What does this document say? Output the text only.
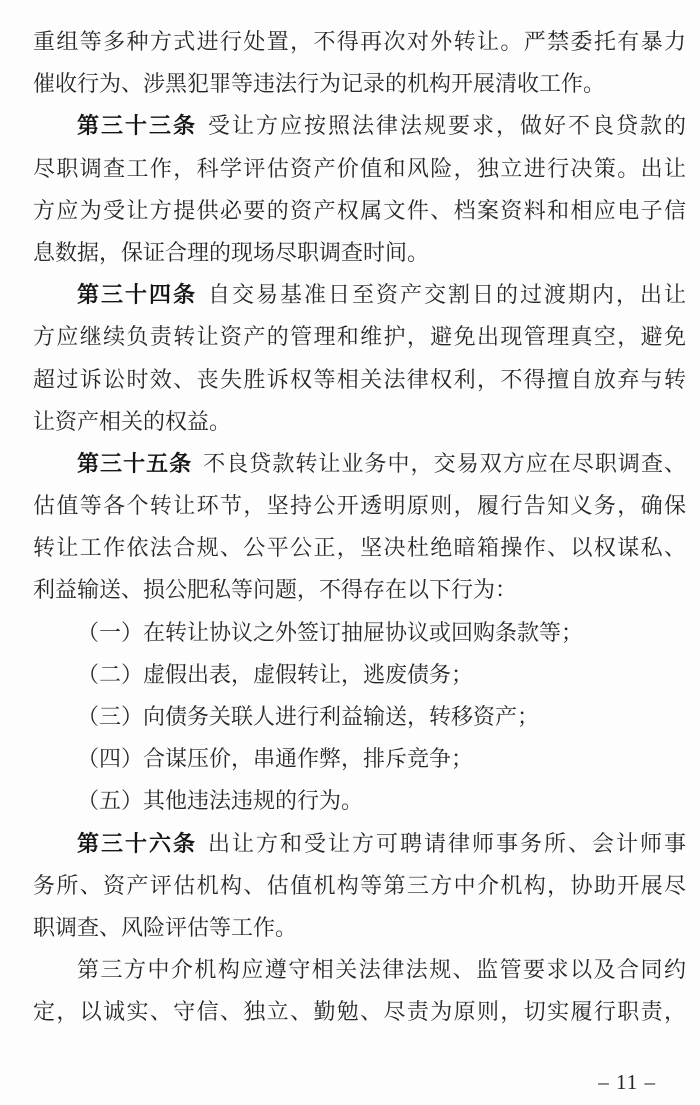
重组等多种方式进行处置，不得再次对外转让。严禁委托有暴力
催收行为、涉黑犯罪等违法行为记录的机构开展清收工作。
第三十三条 受让方应按照法律法规要求，做好不良贷款的
尽职调查工作，科学评估资产价值和风险，独立进行决策。出让
方应为受让方提供必要的资产权属文件、档案资料和相应电子信
息数据，保证合理的现场尽职调查时间。
第三十四条 自交易基准日至资产交割日的过渡期内，出让
方应继续负责转让资产的管理和维护，避免出现管理真空，避免
超过诉讼时效、丧失胜诉权等相关法律权利，不得擅自放弃与转
让资产相关的权益。
第三十五条 不良贷款转让业务中，交易双方应在尽职调查、
估值等各个转让环节，坚持公开透明原则，履行告知义务，确保
转让工作依法合规、公平公正，坚决杜绝暗箱操作、以权谋私、
利益输送、损公肥私等问题，不得存在以下行为：
（一）在转让协议之外签订抽屉协议或回购条款等；
（二）虚假出表，虚假转让，逃废债务；
（三）向债务关联人进行利益输送，转移资产；
（四）合谋压价，串通作弊，排斥竞争；
（五）其他违法违规的行为。
第三十六条 出让方和受让方可聘请律师事务所、会计师事
务所、资产评估机构、估值机构等第三方中介机构，协助开展尽
职调查、风险评估等工作。
第三方中介机构应遵守相关法律法规、监管要求以及合同约
定，以诚实、守信、独立、勤勉、尽责为原则，切实履行职责，
– 11 –
